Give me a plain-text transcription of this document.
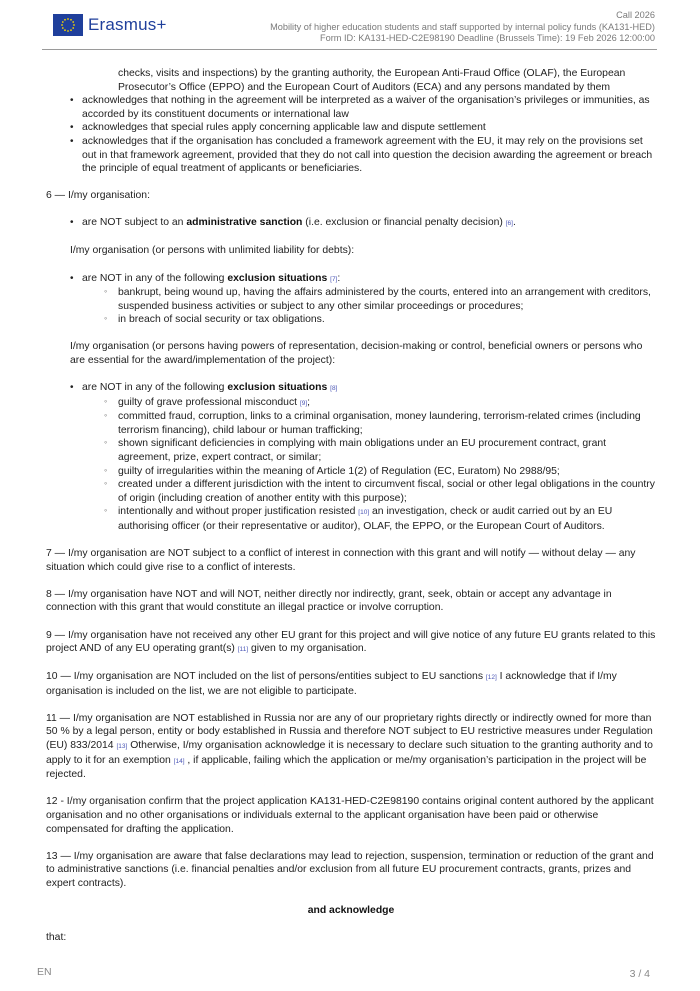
Erasmus+	Call 2026
Mobility of higher education students and staff supported by internal policy funds (KA131-HED)
Form ID: KA131-HED-C2E98190 Deadline (Brussels Time): 19 Feb 2026 12:00:00

checks, visits and inspections) by the granting authority, the European Anti-Fraud Office (OLAF), the European Prosecutor’s Office (EPPO) and the European Court of Auditors (ECA) and any persons mandated by them

• acknowledges that nothing in the agreement will be interpreted as a waiver of the organisation’s privileges or immunities, as accorded by its constituent documents or international law
• acknowledges that special rules apply concerning applicable law and dispute settlement
• acknowledges that if the organisation has concluded a framework agreement with the EU, it may rely on the provisions set out in that framework agreement, provided that they do not call into question the decision awarding the agreement or breach the principle of equal treatment of applicants or beneficiaries.

6 — I/my organisation:

• are NOT subject to an administrative sanction (i.e. exclusion or financial penalty decision) [6].

I/my organisation (or persons with unlimited liability for debts):

• are NOT in any of the following exclusion situations [7]:
◦ bankrupt, being wound up, having the affairs administered by the courts, entered into an arrangement with creditors, suspended business activities or subject to any other similar proceedings or procedures;
◦ in breach of social security or tax obligations.

I/my organisation (or persons having powers of representation, decision-making or control, beneficial owners or persons who are essential for the award/implementation of the project):

• are NOT in any of the following exclusion situations [8]
◦ guilty of grave professional misconduct [9];
◦ committed fraud, corruption, links to a criminal organisation, money laundering, terrorism-related crimes (including terrorism financing), child labour or human trafficking;
◦ shown significant deficiencies in complying with main obligations under an EU procurement contract, grant agreement, prize, expert contract, or similar;
◦ guilty of irregularities within the meaning of Article 1(2) of Regulation (EC, Euratom) No 2988/95;
◦ created under a different jurisdiction with the intent to circumvent fiscal, social or other legal obligations in the country of origin (including creation of another entity with this purpose);
◦ intentionally and without proper justification resisted [10] an investigation, check or audit carried out by an EU authorising officer (or their representative or auditor), OLAF, the EPPO, or the European Court of Auditors.

7 — I/my organisation are NOT subject to a conflict of interest in connection with this grant and will notify — without delay — any situation which could give rise to a conflict of interests.

8 — I/my organisation have NOT and will NOT, neither directly nor indirectly, grant, seek, obtain or accept any advantage in connection with this grant that would constitute an illegal practice or involve corruption.

9 — I/my organisation have not received any other EU grant for this project and will give notice of any future EU grants related to this project AND of any EU operating grant(s) [11] given to my organisation.

10 — I/my organisation are NOT included on the list of persons/entities subject to EU sanctions [12] I acknowledge that if I/my organisation is included on the list, we are not eligible to participate.

11 — I/my organisation are NOT established in Russia nor are any of our proprietary rights directly or indirectly owned for more than 50 % by a legal person, entity or body established in Russia and therefore NOT subject to EU restrictive measures under Regulation (EU) 833/2014 [13] Otherwise, I/my organisation acknowledge it is necessary to declare such situation to the granting authority and to apply to it for an exemption [14] , if applicable, failing which the application or me/my organisation’s participation in the project will be rejected.

12 - I/my organisation confirm that the project application KA131-HED-C2E98190 contains original content authored by the applicant organisation and no other organisations or individuals external to the applicant organisation have been paid or otherwise compensated for drafting the application.

13 — I/my organisation are aware that false declarations may lead to rejection, suspension, termination or reduction of the grant and to administrative sanctions (i.e. financial penalties and/or exclusion from all future EU procurement contracts, grants, prizes and expert contracts).

and acknowledge

that:

EN	3 / 4
